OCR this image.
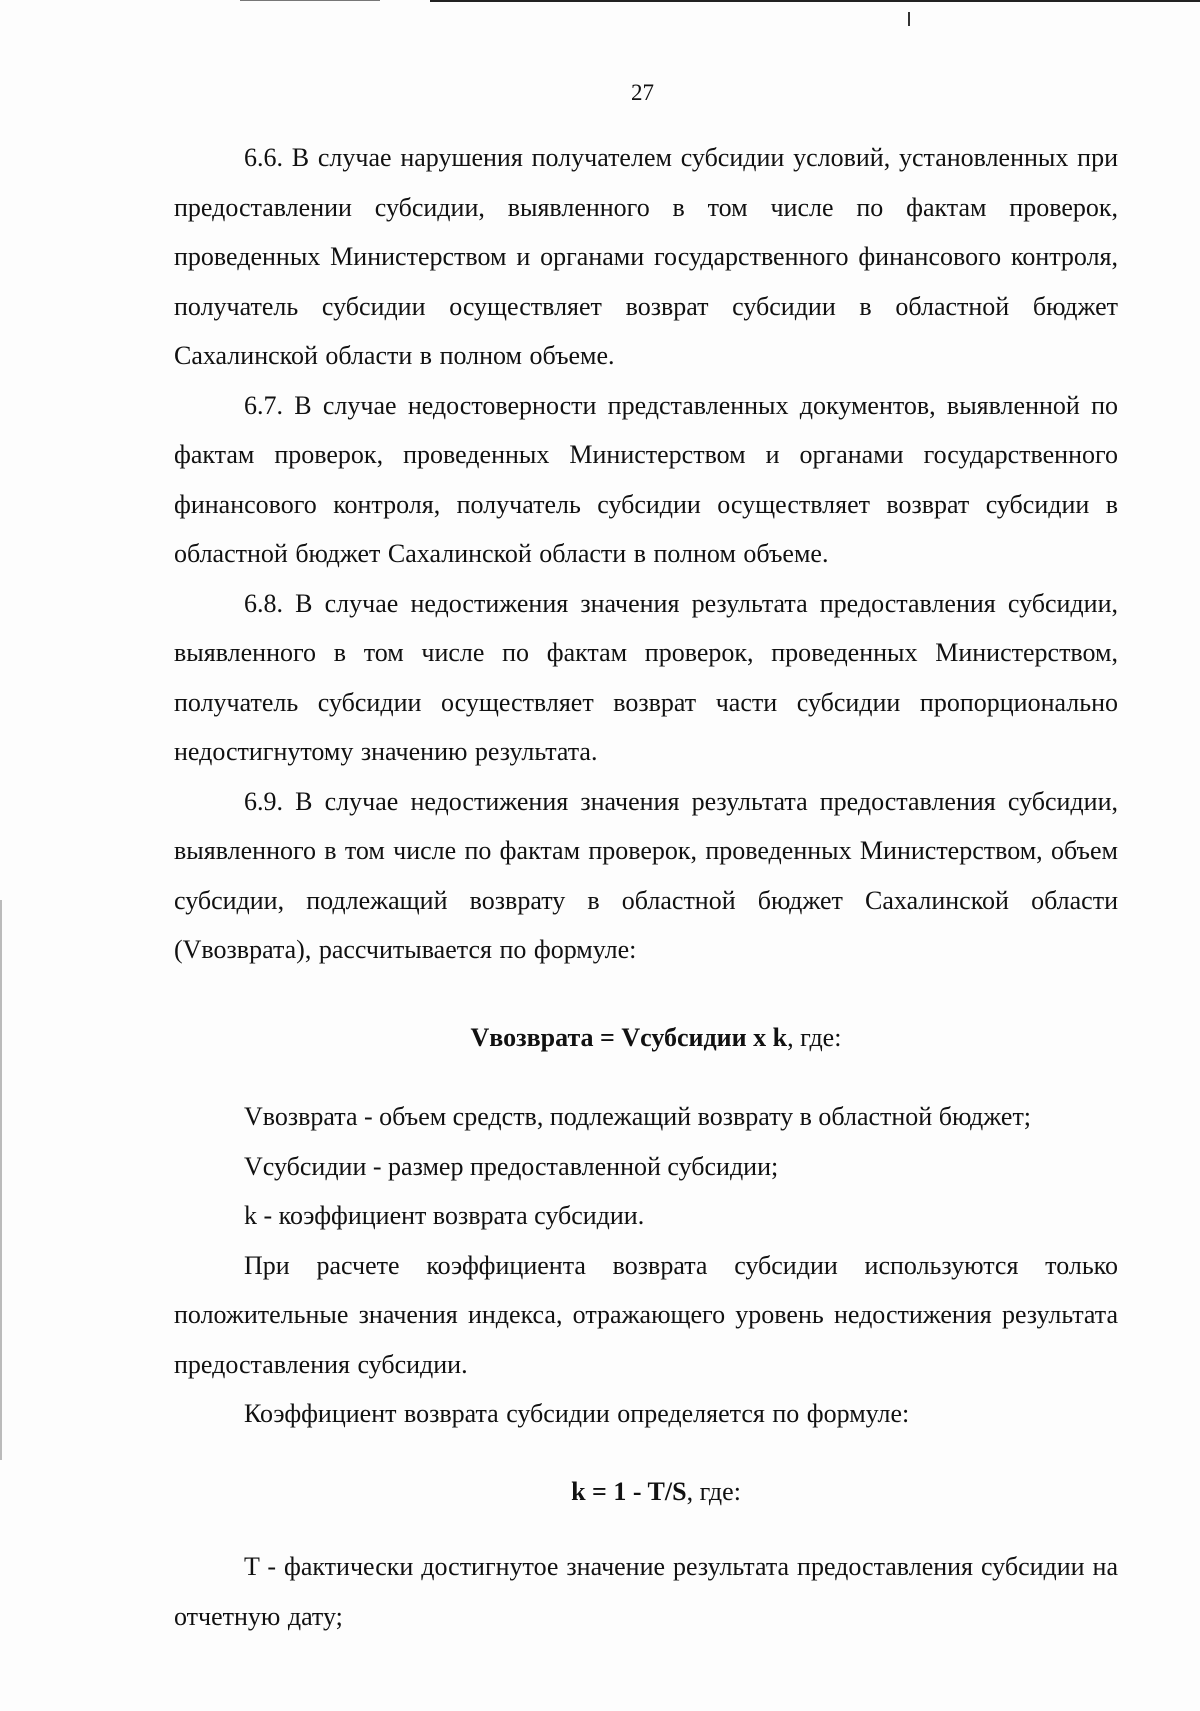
27

6.6. В случае нарушения получателем субсидии условий, установленных при предоставлении субсидии, выявленного в том числе по фактам проверок, проведенных Министерством и органами государственного финансового контроля, получатель субсидии осуществляет возврат субсидии в областной бюджет Сахалинской области в полном объеме.

6.7. В случае недостоверности представленных документов, выявленной по фактам проверок, проведенных Министерством и органами государственного финансового контроля, получатель субсидии осуществляет возврат субсидии в областной бюджет Сахалинской области в полном объеме.

6.8. В случае недостижения значения результата предоставления субсидии, выявленного в том числе по фактам проверок, проведенных Министерством, получатель субсидии осуществляет возврат части субсидии пропорционально недостигнутому значению результата.

6.9. В случае недостижения значения результата предоставления субсидии, выявленного в том числе по фактам проверок, проведенных Министерством, объем субсидии, подлежащий возврату в областной бюджет Сахалинской области (Vвозврата), рассчитывается по формуле:

Vвозврата = Vсубсидии х k, где:

Vвозврата - объем средств, подлежащий возврату в областной бюджет;

Vсубсидии - размер предоставленной субсидии;

k - коэффициент возврата субсидии.

При расчете коэффициента возврата субсидии используются только положительные значения индекса, отражающего уровень недостижения результата предоставления субсидии.

Коэффициент возврата субсидии определяется по формуле:

k = 1 - T/S, где:

T - фактически достигнутое значение результата предоставления субсидии на отчетную дату;
